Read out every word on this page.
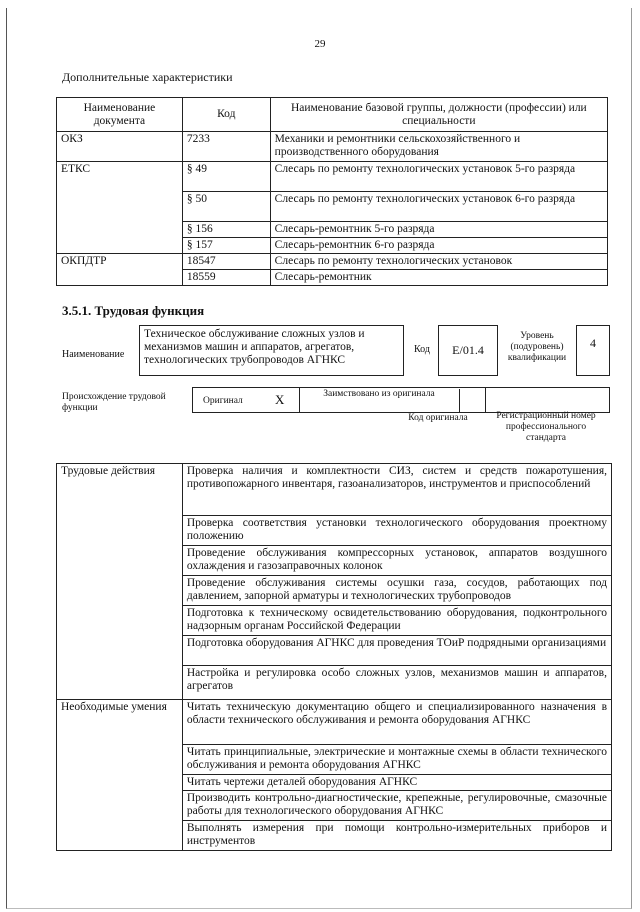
29
Дополнительные характеристики
Наименование документа	Код	Наименование базовой группы, должности (профессии) или специальности
ОКЗ	7233	Механики и ремонтники сельскохозяйственного и производственного оборудования
ЕТКС	§ 49	Слесарь по ремонту технологических установок 5-го разряда
	§ 50	Слесарь по ремонту технологических установок 6-го разряда
	§ 156	Слесарь-ремонтник 5-го разряда
	§ 157	Слесарь-ремонтник 6-го разряда
ОКПДТР	18547	Слесарь по ремонту технологических установок
	18559	Слесарь-ремонтник
3.5.1. Трудовая функция
Наименование
Техническое обслуживание сложных узлов и механизмов машин и аппаратов, агрегатов, технологических трубопроводов АГНКС
Код E/01.4
Уровень (подуровень) квалификации
4
Происхождение трудовой функции
Оригинал X	Заимствовано из оригинала
Код оригинала	Регистрационный номер профессионального стандарта
Трудовые действия	Проверка наличия и комплектности СИЗ, систем и средств пожаротушения, противопожарного инвентаря, газоанализаторов, инструментов и приспособлений
	Проверка соответствия установки технологического оборудования проектному положению
	Проведение обслуживания компрессорных установок, аппаратов воздушного охлаждения и газозаправочных колонок
	Проведение обслуживания системы осушки газа, сосудов, работающих под давлением, запорной арматуры и технологических трубопроводов
	Подготовка к техническому освидетельствованию оборудования, подконтрольного надзорным органам Российской Федерации
	Подготовка оборудования АГНКС для проведения ТОиР подрядными организациями
	Настройка и регулировка особо сложных узлов, механизмов машин и аппаратов, агрегатов
Необходимые умения	Читать техническую документацию общего и специализированного назначения в области технического обслуживания и ремонта оборудования АГНКС
	Читать принципиальные, электрические и монтажные схемы в области технического обслуживания и ремонта оборудования АГНКС
	Читать чертежи деталей оборудования АГНКС
	Производить контрольно-диагностические, крепежные, регулировочные, смазочные работы для технологического оборудования АГНКС
	Выполнять измерения при помощи контрольно-измерительных приборов и инструментов
